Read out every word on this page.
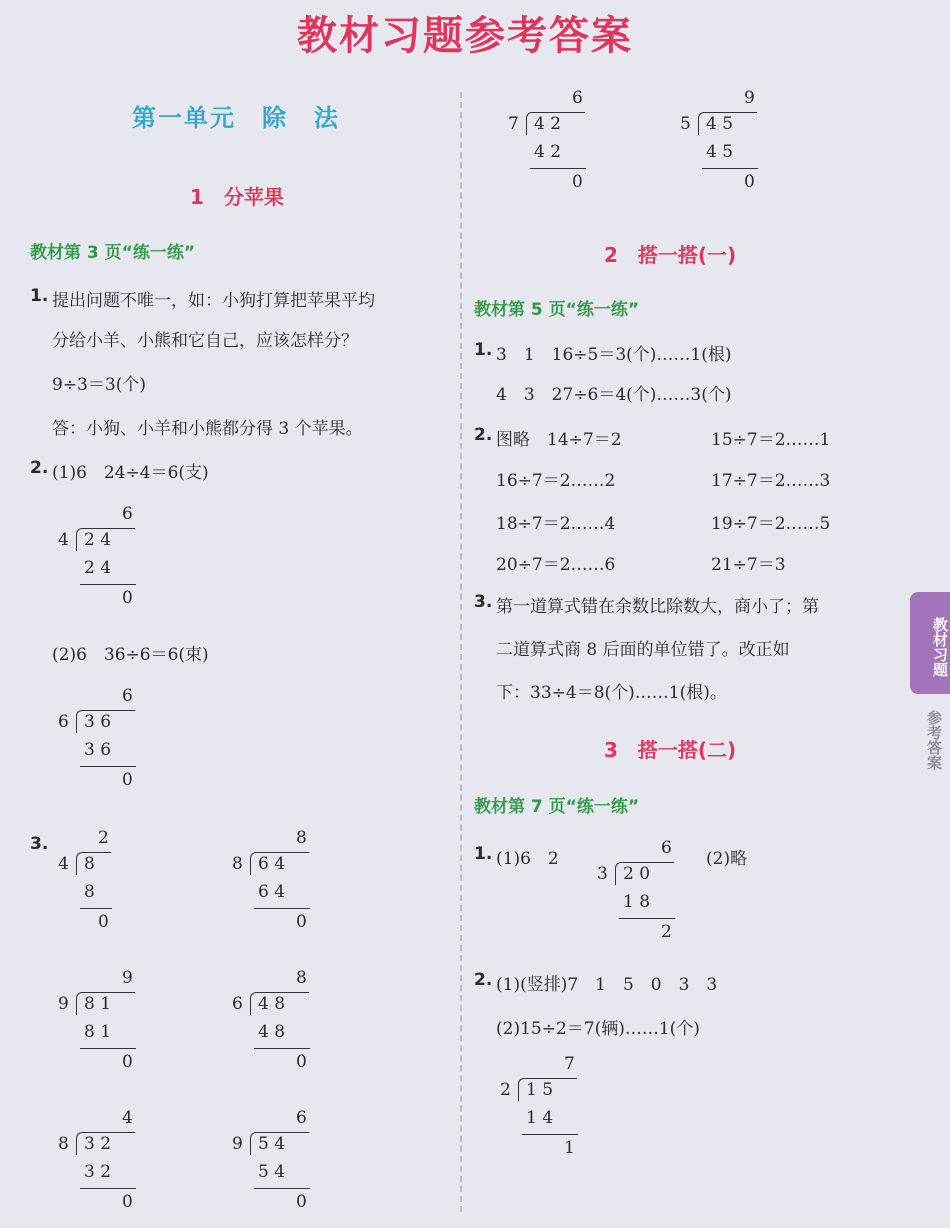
教材习题参考答案
第一单元　除　法
1　分苹果
教材第 3 页“练一练”
1. 提出问题不唯一，如：小狗打算把苹果平均
分给小羊、小熊和它自己，应该怎样分？
9÷3＝3(个)
答：小狗、小羊和小熊都分得 3 个苹果。
2. (1)6　24÷4＝6(支)
(2)6　36÷6＝6(束)
3.
2　搭一搭(一)
教材第 5 页“练一练”
1. 3　1　16÷5＝3(个)……1(根)
4　3　27÷6＝4(个)……3(个)
2. 图略　14÷7＝2	15÷7＝2……1
16÷7＝2……2	17÷7＝2……3
18÷7＝2……4	19÷7＝2……5
20÷7＝2……6	21÷7＝3
3. 第一道算式错在余数比除数大，商小了；第
二道算式商 8 后面的单位错了。改正如
下：33÷4＝8(个)……1(根)。
3　搭一搭(二)
教材第 7 页“练一练”
1. (1)6　2	(2)略
2. (1)(竖排)7　1　5　0　3　3
(2)15÷2＝7(辆)……1(个)
6
4 2 4
2 4
0
6
6 3 6
3 6
0
2
4 8
8
0
8
8 6 4
6 4
0
9
9 8 1
8 1
0
8
6 4 8
4 8
0
4
8 3 2
3 2
0
6
9 5 4
5 4
0
6
7 4 2
4 2
0
9
5 4 5
4 5
0
6
3 2 0
1 8
2
7
2 1 5
1 4
1
教材习题
参考答案
